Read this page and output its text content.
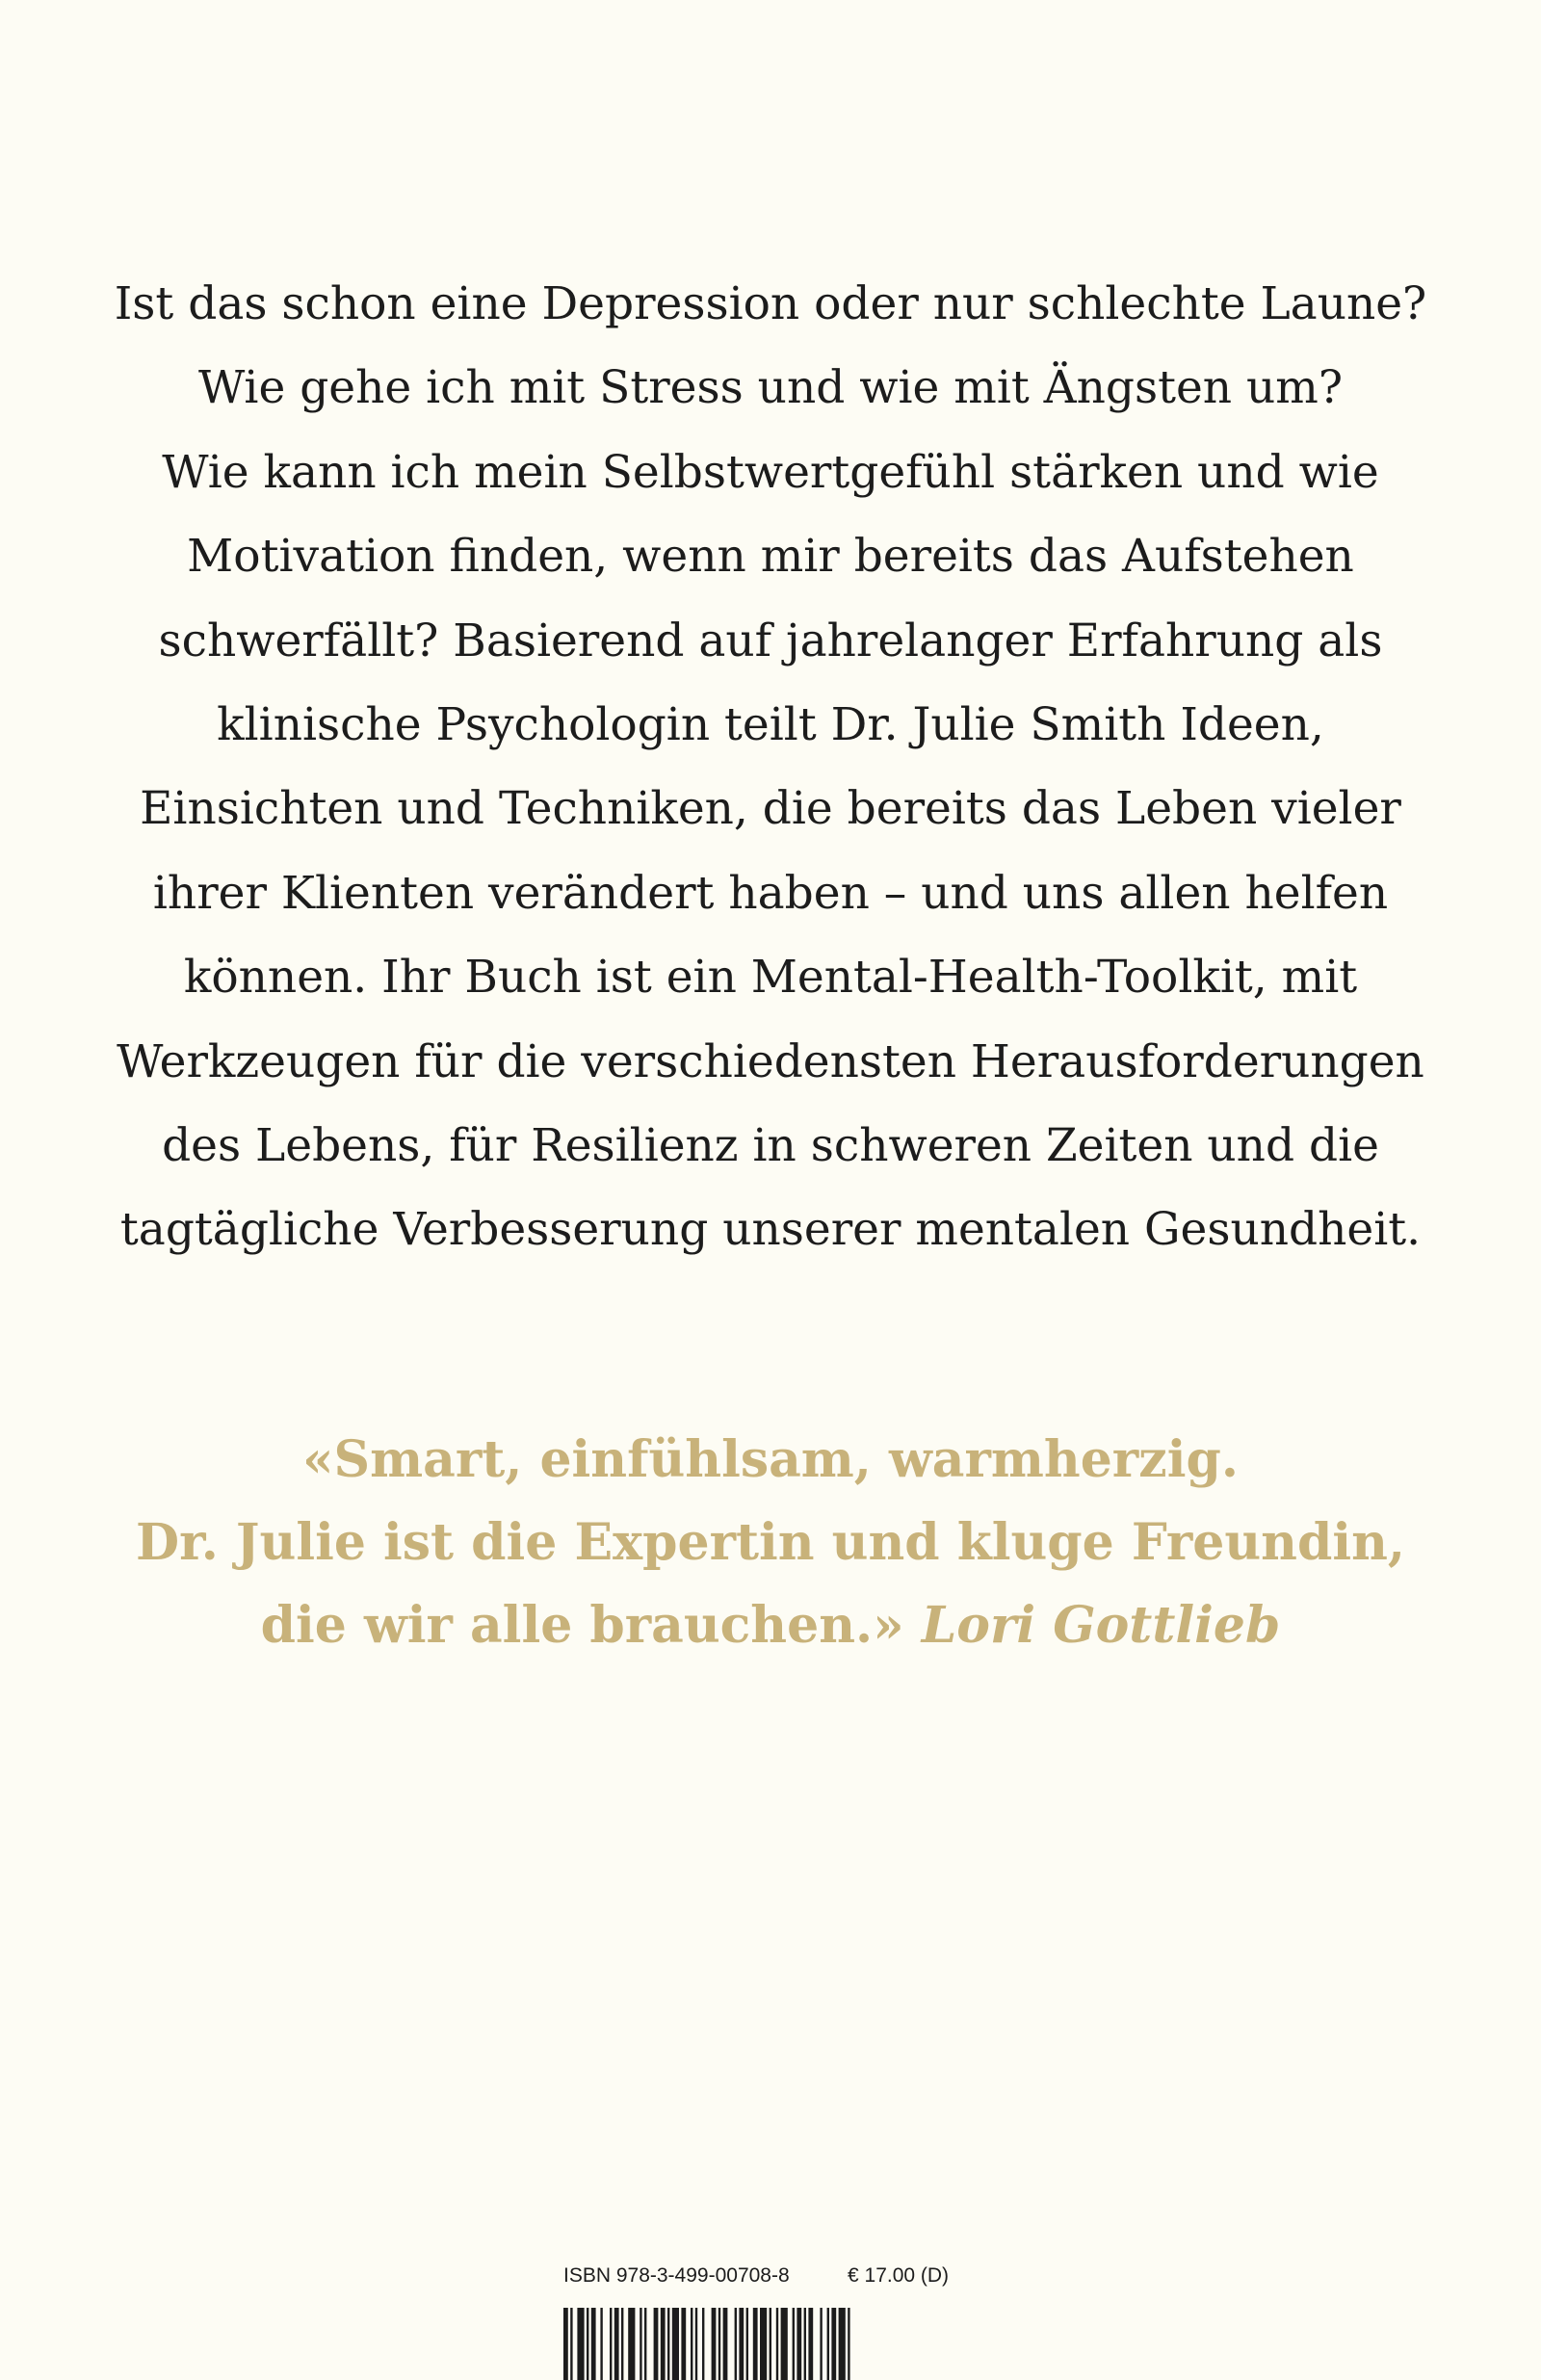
Ist das schon eine Depression oder nur schlechte Laune?
Wie gehe ich mit Stress und wie mit Ängsten um?
Wie kann ich mein Selbstwertgefühl stärken und wie
Motivation finden, wenn mir bereits das Aufstehen
schwerfällt? Basierend auf jahrelanger Erfahrung als
klinische Psychologin teilt Dr. Julie Smith Ideen,
Einsichten und Techniken, die bereits das Leben vieler
ihrer Klienten verändert haben – und uns allen helfen
können. Ihr Buch ist ein Mental-Health-Toolkit, mit
Werkzeugen für die verschiedensten Herausforderungen
des Lebens, für Resilienz in schweren Zeiten und die
tagtägliche Verbesserung unserer mentalen Gesundheit.
«Smart, einfühlsam, warmherzig.
Dr. Julie ist die Expertin und kluge Freundin,
die wir alle brauchen.» Lori Gottlieb
ISBN 978-3-499-00708-8	€ 17.00 (D)
